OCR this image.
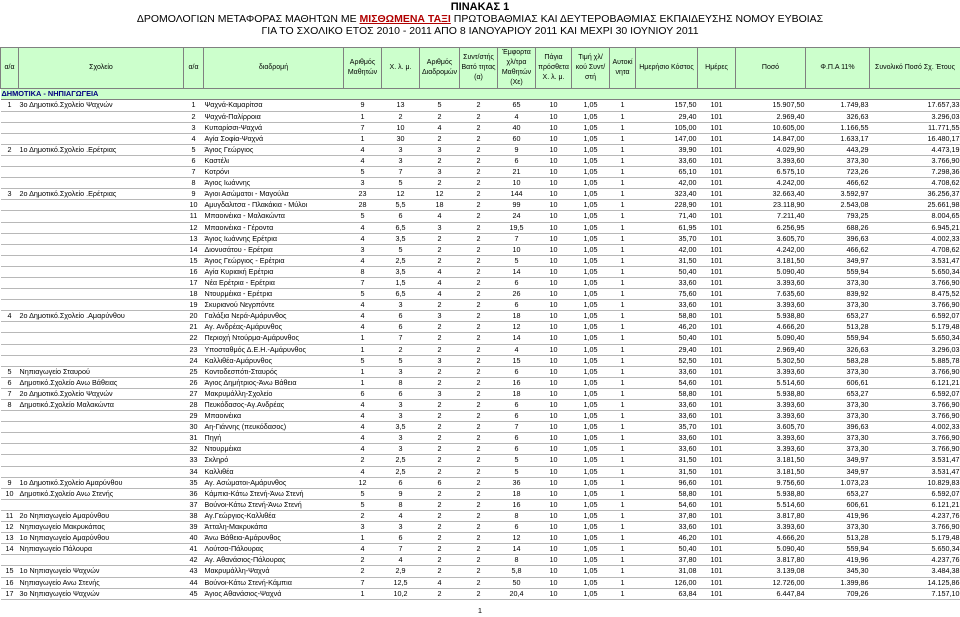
ΠΙΝΑΚΑΣ 1
ΔΡΟΜΟΛΟΓΙΩΝ ΜΕΤΑΦΟΡΑΣ ΜΑΘΗΤΩΝ ΜΕ ΜΙΣΘΩΜΕΝΑ ΤΑΞΙ ΠΡΩΤΟΒΑΘΜΙΑΣ ΚΑΙ ΔΕΥΤΕΡΟΒΑΘΜΙΑΣ ΕΚΠΑΙΔΕΥΣΗΣ ΝΟΜΟΥ ΕΥΒΟΙΑΣ
ΓΙΑ ΤΟ ΣΧΟΛΙΚΟ ΕΤΟΣ 2010 - 2011 ΑΠΟ 8 ΙΑΝΟΥΑΡΙΟΥ 2011 ΚΑΙ ΜΕΧΡΙ 30 ΙΟΥΝΙΟΥ 2011
α/α	Σχολείο	α/α	διαδρομή	Αριθμός Μαθητών	Χ. λ. μ.	Αριθμός Διαδρομών	Συντ/στής Βατό τητας (α)	Έμφορτα χλ/τρα Μαθητών (Χε)	Πάγια πρόσθετα Χ. λ. μ.	Τιμή χλ/κού Συντ/στή	Αυτοκί νητα	Ημερήσιο Κόστος	Ημέρες	Ποσό	Φ.Π.Α 11%	Συνολικό Ποσό Σχ. Έτους
ΔΗΜΟΤΙΚΑ - ΝΗΠΙΑΓΩΓΕΙΑ																
1	3ο Δημοτικό.Σχολείο Ψαχνών	1	Ψαχνά-Καμαρίτσα	9	13	5	2	65	10	1,05	1	157,50	101	15.907,50	1.749,83	17.657,33
		2	Ψαχνά-Παλίρροια	1	2	2	2	4	10	1,05	1	29,40	101	2.969,40	326,63	3.296,03
		3	Κυπαρίσσι-Ψαχνά	7	10	4	2	40	10	1,05	1	105,00	101	10.605,00	1.166,55	11.771,55
		4	Αγία Σοφία-Ψαχνά	1	30	2	2	60	10	1,05	1	147,00	101	14.847,00	1.633,17	16.480,17
2	1ο Δημοτικό.Σχολείο .Ερέτριας	5	Άγιος Γεώργιος	4	3	3	2	9	10	1,05	1	39,90	101	4.029,90	443,29	4.473,19
		6	Καστέλι	4	3	2	2	6	10	1,05	1	33,60	101	3.393,60	373,30	3.766,90
		7	Κοτρόνι	5	7	3	2	21	10	1,05	1	65,10	101	6.575,10	723,26	7.298,36
		8	Άγιος Ιωάννης	3	5	2	2	10	10	1,05	1	42,00	101	4.242,00	466,62	4.708,62
3	2ο Δημοτικό.Σχολείο .Ερέτριας	9	Άγιοι Ασώματοι - Μαγούλα	23	12	12	2	144	10	1,05	1	323,40	101	32.663,40	3.592,97	36.256,37
		10	Αμυγδαλιτσα - Πλακάκια - Μύλοι	28	5,5	18	2	99	10	1,05	1	228,90	101	23.118,90	2.543,08	25.661,98
		11	Μπαοινέικα - Μαλακώντα	5	6	4	2	24	10	1,05	1	71,40	101	7.211,40	793,25	8.004,65
		12	Μπαοινέικα - Γέροντα	4	6,5	3	2	19,5	10	1,05	1	61,95	101	6.256,95	688,26	6.945,21
		13	Άγιος Ιωάννης Ερέτρια	4	3,5	2	2	7	10	1,05	1	35,70	101	3.605,70	396,63	4.002,33
		14	Διονυσάτου - Ερέτρια	3	5	2	2	10	10	1,05	1	42,00	101	4.242,00	466,62	4.708,62
		15	Άγιος Γεώργιος - Ερέτρια	4	2,5	2	2	5	10	1,05	1	31,50	101	3.181,50	349,97	3.531,47
		16	Αγία Κυριακή Ερέτρια	8	3,5	4	2	14	10	1,05	1	50,40	101	5.090,40	559,94	5.650,34
		17	Νέα Ερέτρια - Ερέτρια	7	1,5	4	2	6	10	1,05	1	33,60	101	3.393,60	373,30	3.766,90
		18	Ντουρμέικα - Ερέτρια	5	6,5	4	2	26	10	1,05	1	75,60	101	7.635,60	839,92	8.475,52
		19	Σκυριανού Νεγρπόντε	4	3	2	2	6	10	1,05	1	33,60	101	3.393,60	373,30	3.766,90
4	2ο Δημοτικό.Σχολείο .Αμαρύνθου	20	Γαλάξια Νερά-Αμάρυνθος	4	6	3	2	18	10	1,05	1	58,80	101	5.938,80	653,27	6.592,07
		21	Αγ. Ανδρέας-Αμάρυνθος	4	6	2	2	12	10	1,05	1	46,20	101	4.666,20	513,28	5.179,48
		22	Περιοχή Ντούρμα-Αμάρυνθος	1	7	2	2	14	10	1,05	1	50,40	101	5.090,40	559,94	5.650,34
		23	Υποσταθμός Δ.Ε.Η.-Αμάρυνθος	1	2	2	2	4	10	1,05	1	29,40	101	2.969,40	326,63	3.296,03
		24	Καλλιθέα-Αμάρυνθος	5	5	3	2	15	10	1,05	1	52,50	101	5.302,50	583,28	5.885,78
5	Νηπιαγωγείο Σταυρού	25	Κοντοδεσπότι-Σταυρός	1	3	2	2	6	10	1,05	1	33,60	101	3.393,60	373,30	3.766,90
6	Δημοτικό.Σχολείο Ανω Βάθειας	26	Άγιος Δημήτριος-Άνω Βάθεια	1	8	2	2	16	10	1,05	1	54,60	101	5.514,60	606,61	6.121,21
7	2ο Δημοτικό.Σχολείο Ψαχνών	27	Μακρυμάλλη-Σχολείο	6	6	3	2	18	10	1,05	1	58,80	101	5.938,80	653,27	6.592,07
8	Δημοτικό.Σχολείο Μαλακώντα	28	Πευκόδασος-Αγ.Ανδρέας	4	3	2	2	6	10	1,05	1	33,60	101	3.393,60	373,30	3.766,90
		29	Μπαοινέικα	4	3	2	2	6	10	1,05	1	33,60	101	3.393,60	373,30	3.766,90
		30	Αη-Γιάννης (πευκόδασος)	4	3,5	2	2	7	10	1,05	1	35,70	101	3.605,70	396,63	4.002,33
		31	Πηγή	4	3	2	2	6	10	1,05	1	33,60	101	3.393,60	373,30	3.766,90
		32	Ντουρμέικα	4	3	2	2	6	10	1,05	1	33,60	101	3.393,60	373,30	3.766,90
		33	Σκληρό	2	2,5	2	2	5	10	1,05	1	31,50	101	3.181,50	349,97	3.531,47
		34	Καλλιθέα	4	2,5	2	2	5	10	1,05	1	31,50	101	3.181,50	349,97	3.531,47
9	1ο Δημοτικό.Σχολείο Αμαρύνθου	35	Αγ. Ασώματοι-Αμάρυνθος	12	6	6	2	36	10	1,05	1	96,60	101	9.756,60	1.073,23	10.829,83
10	Δημοτικό.Σχολείο Ανω Στενής	36	Κάμπια-Κάτω Στενή-Άνω Στενή	5	9	2	2	18	10	1,05	1	58,80	101	5.938,80	653,27	6.592,07
		37	Βούνοι-Κάτω Στενή-Άνω Στενή	5	8	2	2	16	10	1,05	1	54,60	101	5.514,60	606,61	6.121,21
11	2ο Νηπιαγωγείο Αμαρύνθου	38	Αγ.Γεώργιος-Καλλιθέα	2	4	2	2	8	10	1,05	1	37,80	101	3.817,80	419,96	4.237,76
12	Νηπιαγωγείο Μακρυκάπας	39	Άτταλη-Μακρυκάπα	3	3	2	2	6	10	1,05	1	33,60	101	3.393,60	373,30	3.766,90
13	1ο Νηπιαγωγείο Αμαρύνθου	40	Άνω Βάθεια-Αμάρυνθος	1	6	2	2	12	10	1,05	1	46,20	101	4.666,20	513,28	5.179,48
14	Νηπιαγωγείο Πάλουρα	41	Λούτσα-Πάλουρας	4	7	2	2	14	10	1,05	1	50,40	101	5.090,40	559,94	5.650,34
		42	Αγ. Αθανάσιος-Πάλουρας	2	4	2	2	8	10	1,05	1	37,80	101	3.817,80	419,96	4.237,76
15	1ο Νηπιαγωγείο Ψαχνών	43	Μακρυμάλλη-Ψαχνά	2	2,9	2	2	5,8	10	1,05	1	31,08	101	3.139,08	345,30	3.484,38
16	Νηπιαγωγείο Ανω Στενής	44	Βούνοι-Κάτω Στενή-Κάμπια	7	12,5	4	2	50	10	1,05	1	126,00	101	12.726,00	1.399,86	14.125,86
17	3ο Νηπιαγωγείο Ψαχνών	45	Άγιος Αθανάσιος-Ψαχνά	1	10,2	2	2	20,4	10	1,05	1	63,84	101	6.447,84	709,26	7.157,10
1
